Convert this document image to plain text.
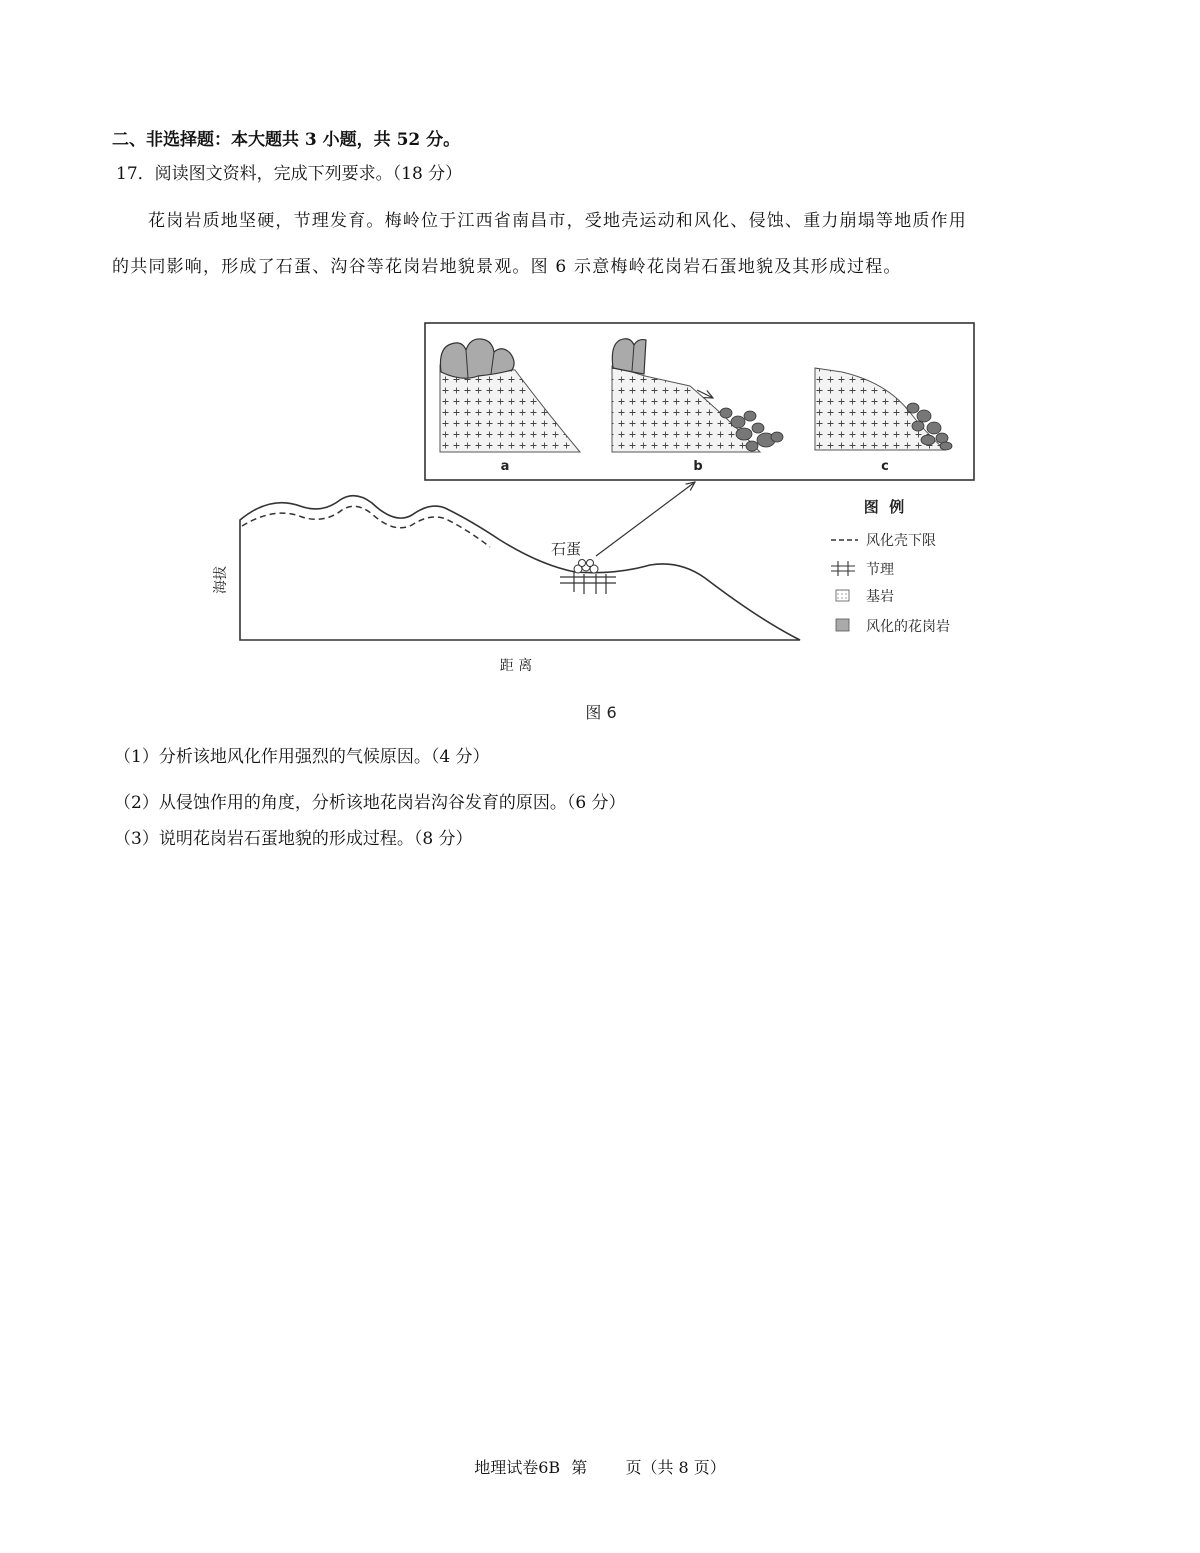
二、非选择题：本大题共 3 小题，共 52 分。
17．阅读图文资料，完成下列要求。（18 分）
花岗岩质地坚硬，节理发育。梅岭位于江西省南昌市，受地壳运动和风化、侵蚀、重力崩塌等地质作用
的共同影响，形成了石蛋、沟谷等花岗岩地貌景观。图 6 示意梅岭花岗岩石蛋地貌及其形成过程。
a	b	c
石蛋
海拔
距 离
图  例
风化壳下限
节理
基岩
风化的花岗岩
图 6
（1）分析该地风化作用强烈的气候原因。（4 分）
（2）从侵蚀作用的角度，分析该地花岗岩沟谷发育的原因。（6 分）
（3）说明花岗岩石蛋地貌的形成过程。（8 分）
地理试卷6B 第 页（共 8 页）
